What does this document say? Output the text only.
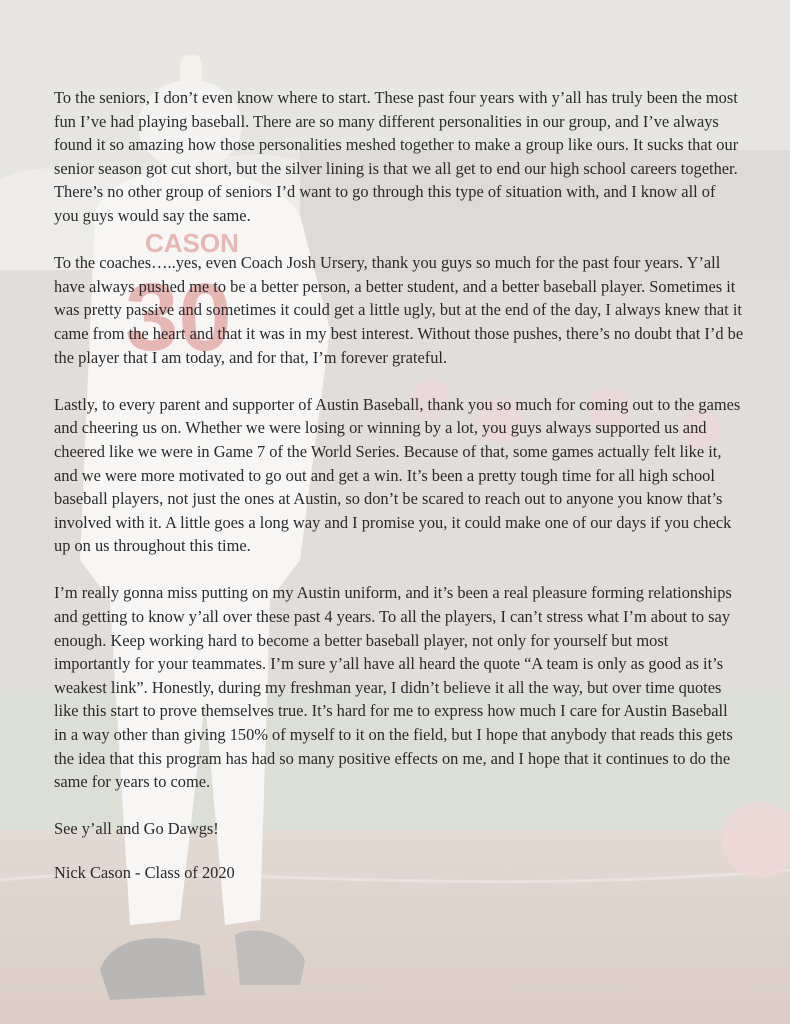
CASON
30

To the seniors, I don’t even know where to start. These past four years with y’all has truly been the most fun I’ve had playing baseball. There are so many different personalities in our group, and I’ve always found it so amazing how those personalities meshed together to make a group like ours. It sucks that our senior season got cut short, but the silver lining is that we all get to end our high school careers together. There’s no other group of seniors I’d want to go through this type of situation with, and I know all of you guys would say the same.

To the coaches…..yes, even Coach Josh Ursery, thank you guys so much for the past four years. Y’all have always pushed me to be a better person, a better student, and a better baseball player. Sometimes it was pretty passive and sometimes it could get a little ugly, but at the end of the day, I always knew that it came from the heart and that it was in my best interest. Without those pushes, there’s no doubt that I’d be the player that I am today, and for that, I’m forever grateful.

Lastly, to every parent and supporter of Austin Baseball, thank you so much for coming out to the games and cheering us on. Whether we were losing or winning by a lot, you guys always supported us and cheered like we were in Game 7 of the World Series. Because of that, some games actually felt like it, and we were more motivated to go out and get a win. It’s been a pretty tough time for all high school baseball players, not just the ones at Austin, so don’t be scared to reach out to anyone you know that’s involved with it. A little goes a long way and I promise you, it could make one of our days if you check up on us throughout this time.

I’m really gonna miss putting on my Austin uniform, and it’s been a real pleasure forming relationships and getting to know y’all over these past 4 years. To all the players, I can’t stress what I’m about to say enough. Keep working hard to become a better baseball player, not only for yourself but most importantly for your teammates. I’m sure y’all have all heard the quote “A team is only as good as it’s weakest link”. Honestly, during my freshman year, I didn’t believe it all the way, but over time quotes like this start to prove themselves true. It’s hard for me to express how much I care for Austin Baseball in a way other than giving 150% of myself to it on the field, but I hope that anybody that reads this gets the idea that this program has had so many positive effects on me, and I hope that it continues to do the same for years to come.

See y’all and Go Dawgs!

Nick Cason - Class of 2020
